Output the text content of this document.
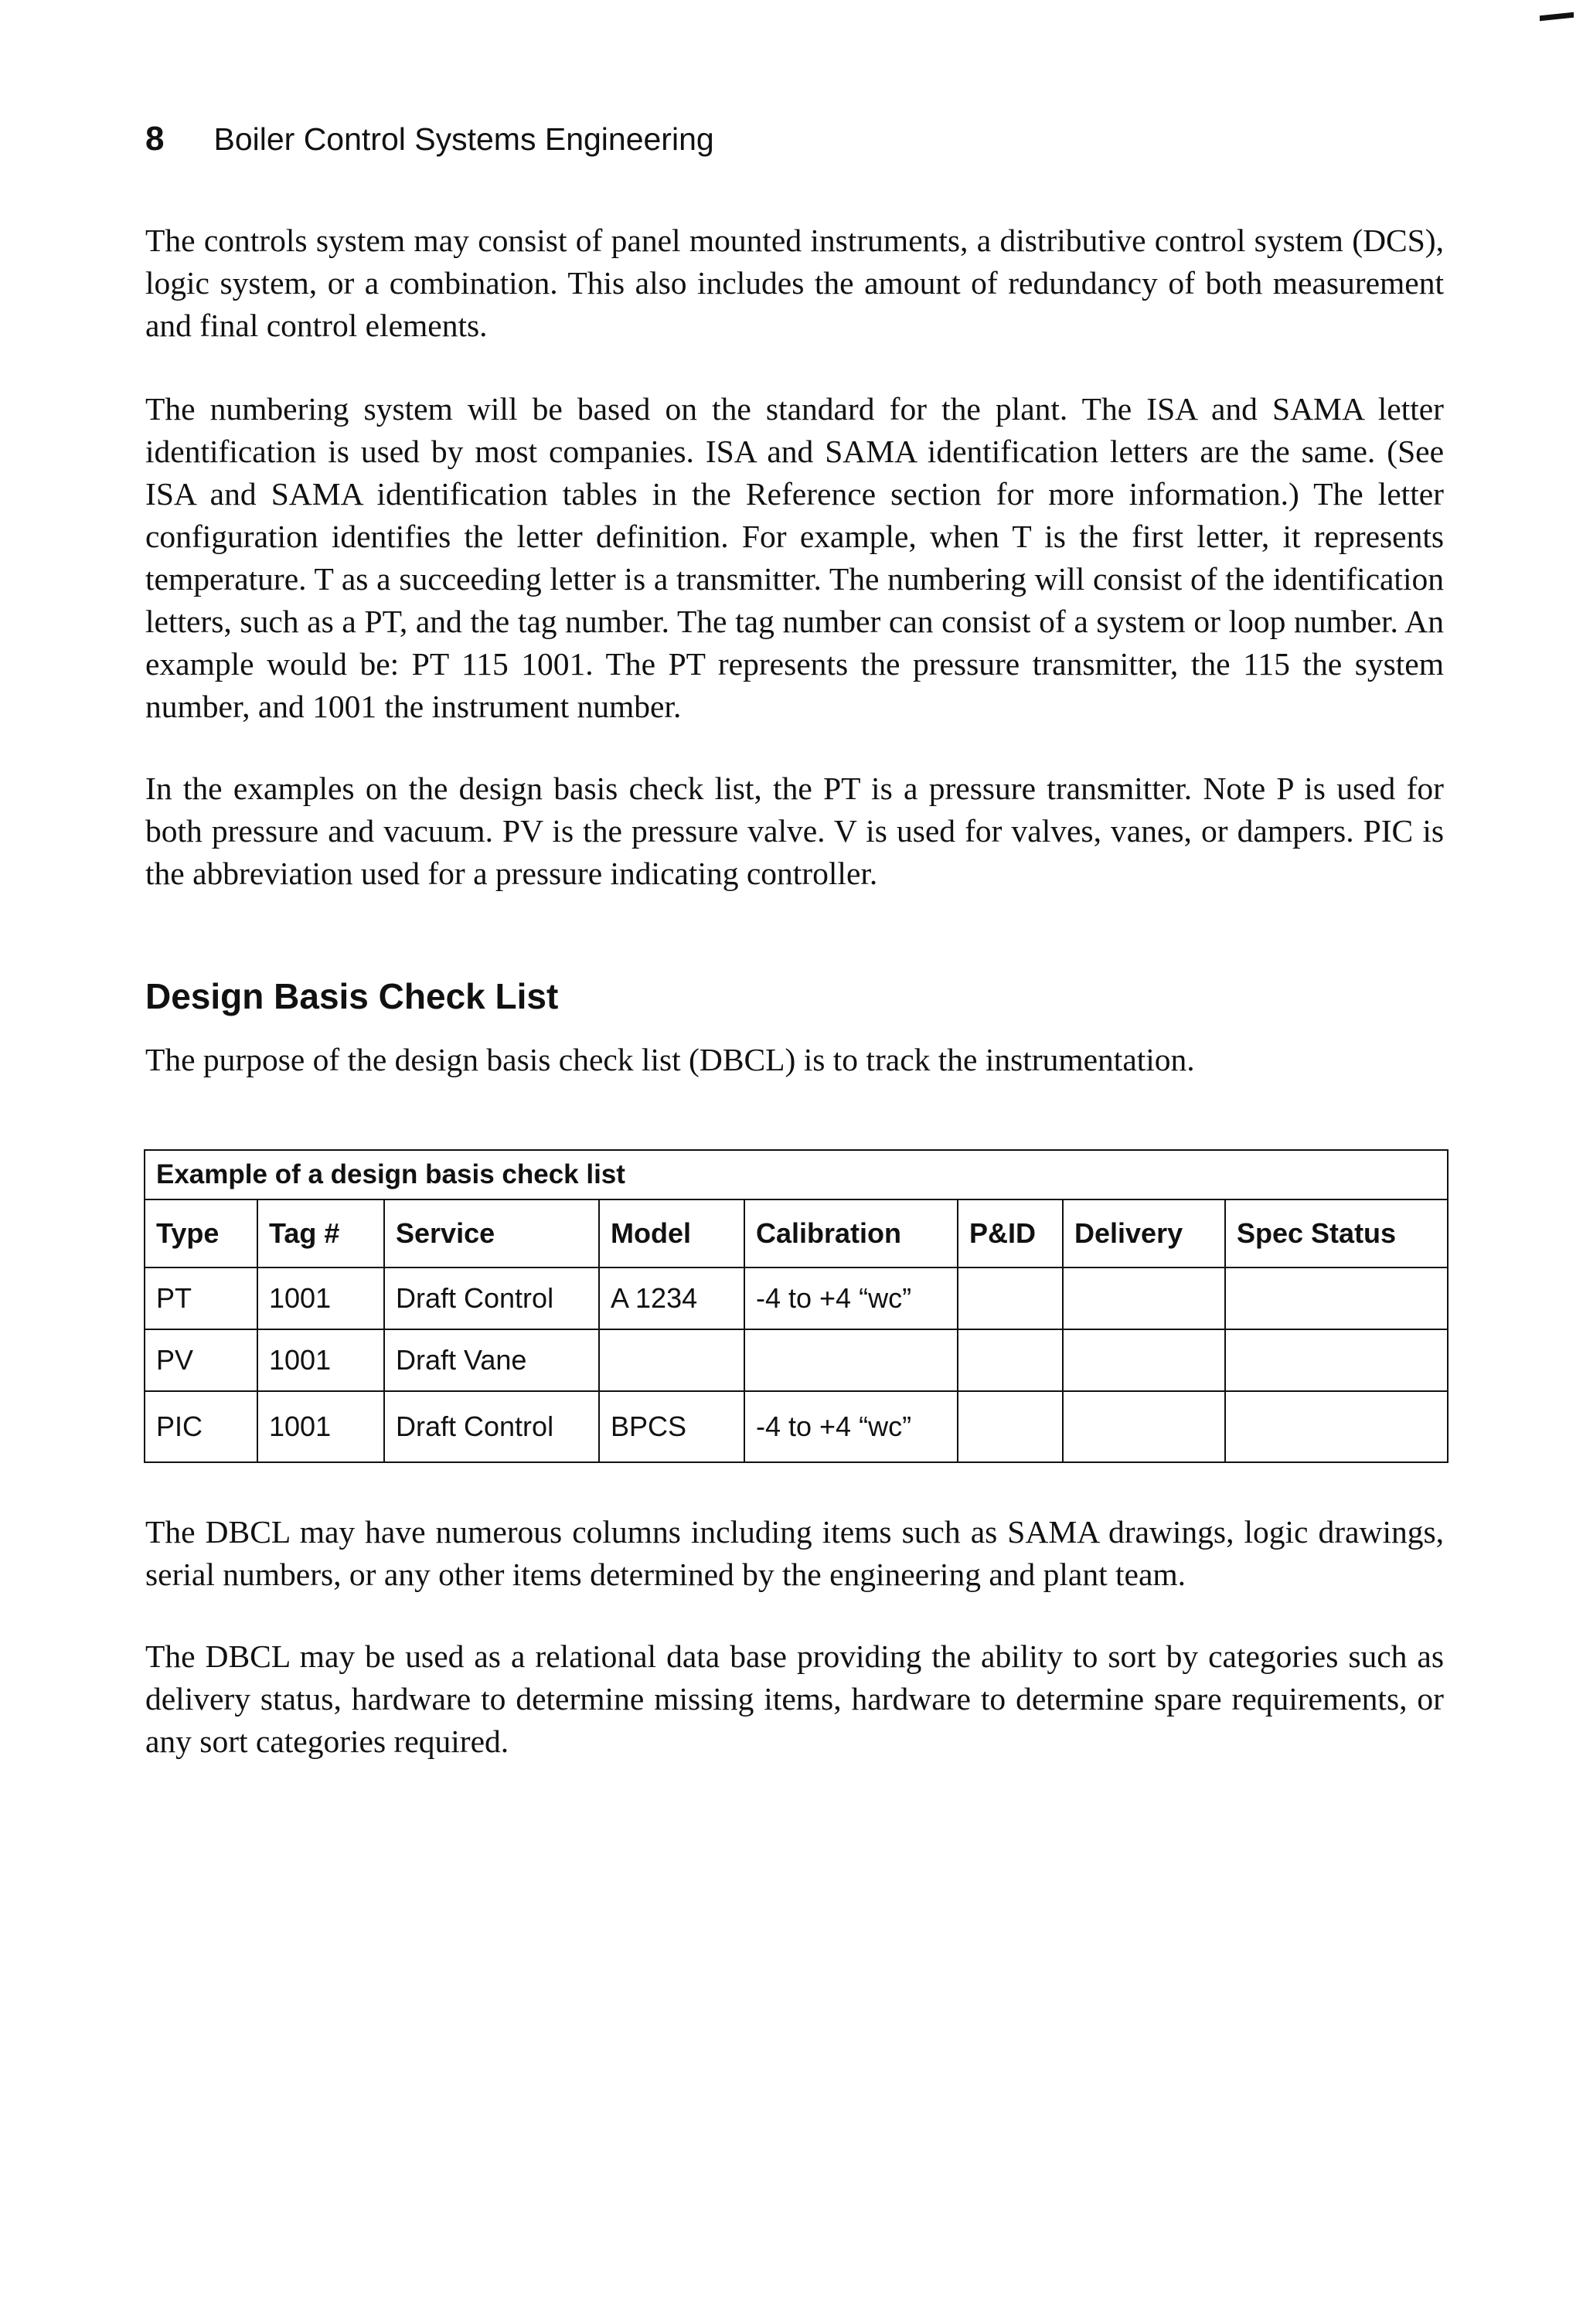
8 Boiler Control Systems Engineering

The controls system may consist of panel mounted instruments, a distributive control system (DCS), logic system, or a combination. This also includes the amount of redundancy of both measurement and final control elements.

The numbering system will be based on the standard for the plant. The ISA and SAMA letter identification is used by most companies. ISA and SAMA identification letters are the same. (See ISA and SAMA identification tables in the Reference section for more information.) The letter configuration identifies the letter definition. For example, when T is the first letter, it represents temperature. T as a succeeding letter is a transmitter. The numbering will consist of the identification letters, such as a PT, and the tag number. The tag number can consist of a system or loop number. An example would be: PT 115 1001. The PT represents the pressure transmitter, the 115 the system number, and 1001 the instrument number.

In the examples on the design basis check list, the PT is a pressure transmitter. Note P is used for both pressure and vacuum. PV is the pressure valve. V is used for valves, vanes, or dampers. PIC is the abbreviation used for a pressure indicating controller.

Design Basis Check List

The purpose of the design basis check list (DBCL) is to track the instrumentation.

Example of a design basis check list							
Type	Tag #	Service	Model	Calibration	P&ID	Delivery	Spec Status
PT	1001	Draft Control	A 1234	-4 to +4 “wc”			
PV	1001	Draft Vane					
PIC	1001	Draft Control	BPCS	-4 to +4 “wc”			

The DBCL may have numerous columns including items such as SAMA drawings, logic drawings, serial numbers, or any other items determined by the engineering and plant team.

The DBCL may be used as a relational data base providing the ability to sort by categories such as delivery status, hardware to determine missing items, hardware to determine spare requirements, or any sort categories required.
